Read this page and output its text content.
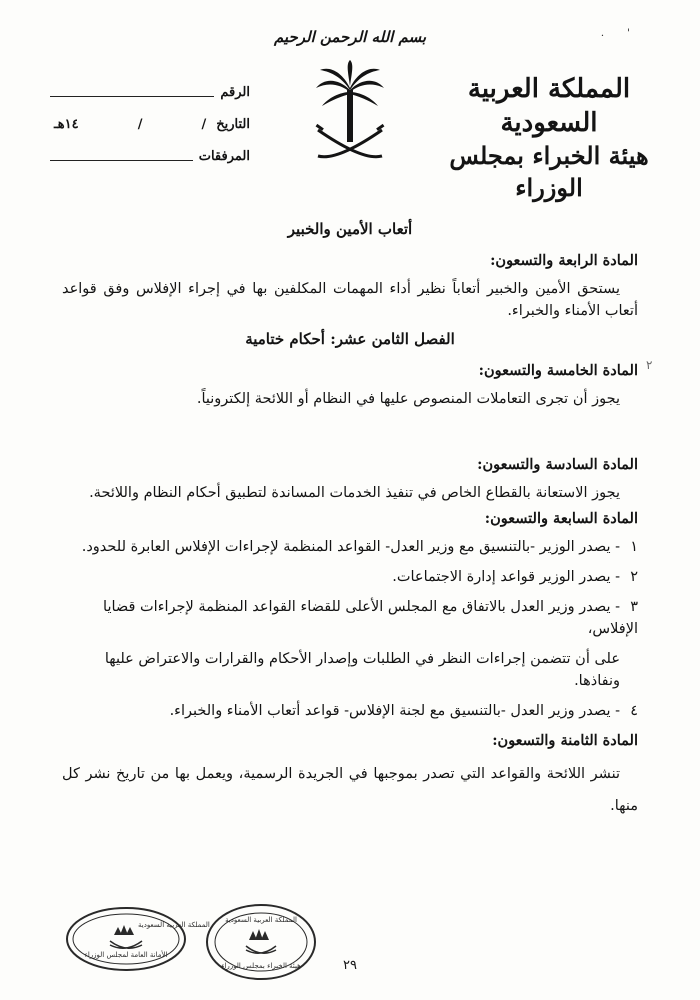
. '
بسم الله الرحمن الرحيم
المملكة العربية السعودية
هيئة الخبراء بمجلس الوزراء
الرقم
التاريخ
/
/
١٤هـ
المرفقات
أتعاب الأمين والخبير
المادة الرابعة والتسعون:

يستحق الأمين والخبير أتعاباً نظير أداء المهمات المكلفين بها في إجراء الإفلاس وفق قواعد أتعاب الأمناء والخبراء.

الفصل الثامن عشر: أحكام ختامية
المادة الخامسة والتسعون:

يجوز أن تجرى التعاملات المنصوص عليها في النظام أو اللائحة إلكترونياً.

المادة السادسة والتسعون:

يجوز الاستعانة بالقطاع الخاص في تنفيذ الخدمات المساندة لتطبيق أحكام النظام واللائحة.

المادة السابعة والتسعون:
١- يصدر الوزير -بالتنسيق مع وزير العدل- القواعد المنظمة لإجراءات الإفلاس العابرة للحدود.
٢- يصدر الوزير قواعد إدارة الاجتماعات.
٣- يصدر وزير العدل بالاتفاق مع المجلس الأعلى للقضاء القواعد المنظمة لإجراءات قضايا الإفلاس،

على أن تتضمن إجراءات النظر في الطلبات وإصدار الأحكام والقرارات والاعتراض عليها ونفاذها.

٤- يصدر وزير العدل -بالتنسيق مع لجنة الإفلاس- قواعد أتعاب الأمناء والخبراء.
المادة الثامنة والتسعون:

تنشر اللائحة والقواعد التي تصدر بموجبها في الجريدة الرسمية، ويعمل بها من تاريخ نشر كل منها.

٢
المملكة العربية السعودية
الأمانة العامة لمجلس الوزراء
المملكة العربية السعودية
هيئة الخبراء بمجلس الوزراء	٢٩
